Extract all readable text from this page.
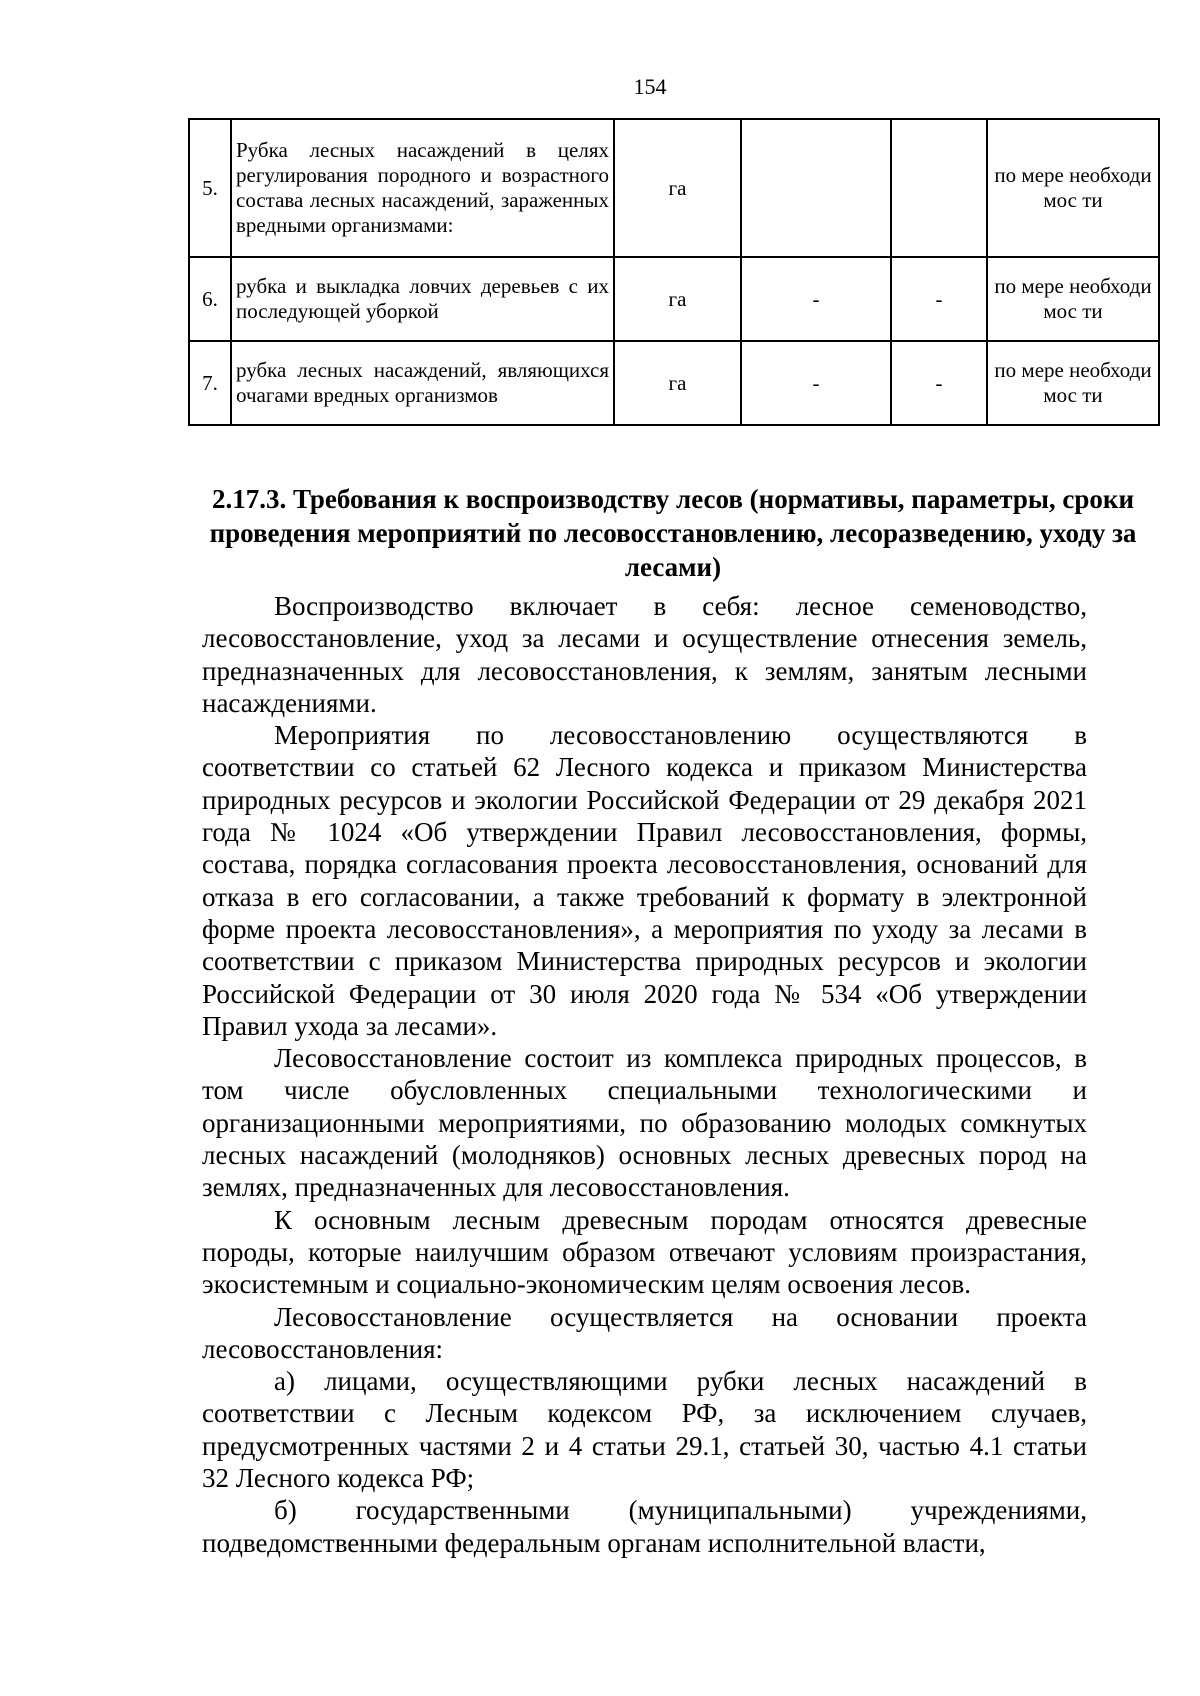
154
5.	Рубка лесных насаждений в целях регулирования породного и возрастного состава лесных насаждений, зараженных вредными организмами:	га			по мере необходимос ти

6.	рубка и выкладка ловчих деревьев с их последующей уборкой	га	-	-	по мере необходимос ти

7.	рубка лесных насаждений, являющихся очагами вредных организмов	га	-	-	по мере необходимос ти
2.17.3. Требования к воспроизводству лесов (нормативы, параметры, сроки проведения мероприятий по лесовосстановлению, лесоразведению, уходу за лесами)

Воспроизводство включает в себя: лесное семеноводство, лесовосстановление, уход за лесами и осуществление отнесения земель, предназначенных для лесовосстановления, к землям, занятым лесными насаждениями.

Мероприятия по лесовосстановлению осуществляются в соответствии со статьей 62 Лесного кодекса и приказом Министерства природных ресурсов и экологии Российской Федерации от 29 декабря 2021 года № 1024 «Об утверждении Правил лесовосстановления, формы, состава, порядка согласования проекта лесовосстановления, оснований для отказа в его согласовании, а также требований к формату в электронной форме проекта лесовосстановления», а мероприятия по уходу за лесами в соответствии с приказом Министерства природных ресурсов и экологии Российской Федерации от 30 июля 2020 года № 534 «Об утверждении Правил ухода за лесами».

Лесовосстановление состоит из комплекса природных процессов, в том числе обусловленных специальными технологическими и организационными мероприятиями, по образованию молодых сомкнутых лесных насаждений (молодняков) основных лесных древесных пород на землях, предназначенных для лесовосстановления.

К основным лесным древесным породам относятся древесные породы, которые наилучшим образом отвечают условиям произрастания, экосистемным и социально-экономическим целям освоения лесов.

Лесовосстановление осуществляется на основании проекта лесовосстановления:

а) лицами, осуществляющими рубки лесных насаждений в соответствии с Лесным кодексом РФ, за исключением случаев, предусмотренных частями 2 и 4 статьи 29.1, статьей 30, частью 4.1 статьи 32 Лесного кодекса РФ;

б) государственными (муниципальными) учреждениями, подведомственными федеральным органам исполнительной власти,
